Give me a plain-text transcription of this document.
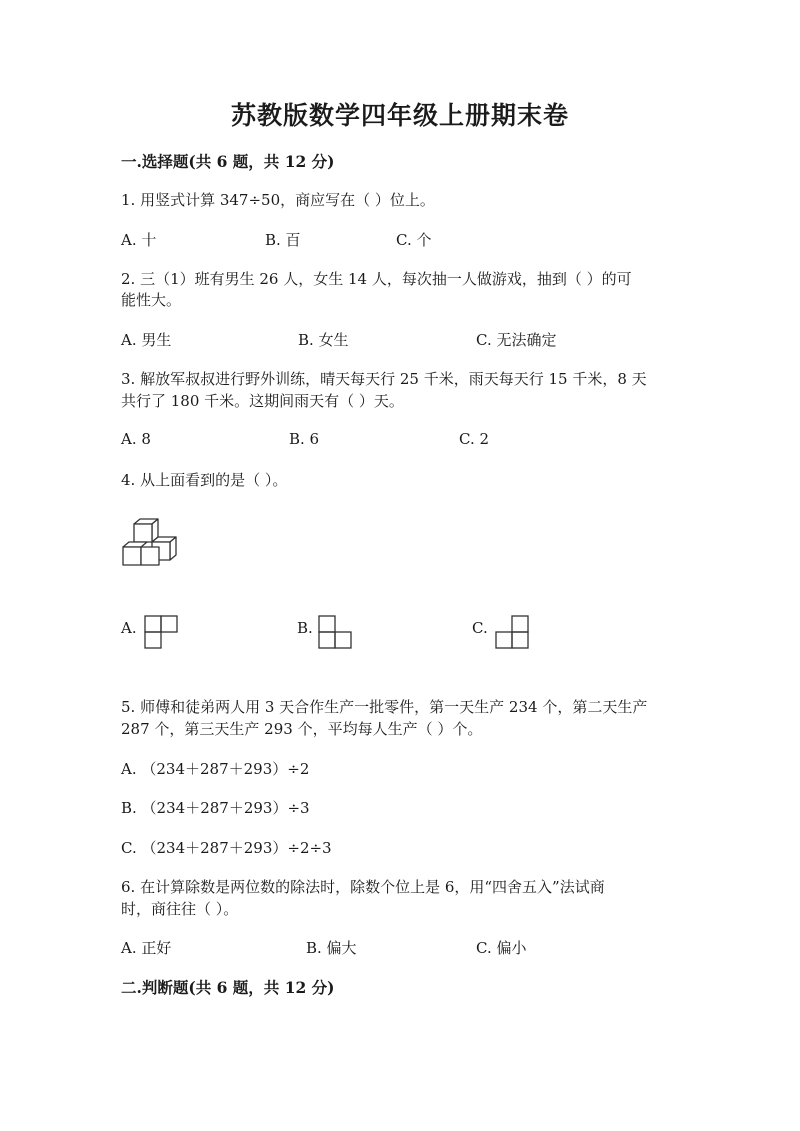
苏教版数学四年级上册期末卷
一.选择题(共 6 题，共 12 分)
1. 用竖式计算 347÷50，商应写在（ ）位上。
A. 十	B. 百	C. 个
2. 三（1）班有男生 26 人，女生 14 人，每次抽一人做游戏，抽到（ ）的可
能性大。
A. 男生	B. 女生	C. 无法确定
3. 解放军叔叔进行野外训练，晴天每天行 25 千米，雨天每天行 15 千米，8 天
共行了 180 千米。这期间雨天有（ ）天。
A. 8	B. 6	C. 2
4. 从上面看到的是（ ）。
A.	B.	C.
5. 师傅和徒弟两人用 3 天合作生产一批零件，第一天生产 234 个，第二天生产
287 个，第三天生产 293 个，平均每人生产（ ）个。
A. （234＋287＋293）÷2
B. （234＋287＋293）÷3
C. （234＋287＋293）÷2÷3
6. 在计算除数是两位数的除法时，除数个位上是 6，用“四舍五入”法试商
时，商往往（ ）。
A. 正好	B. 偏大	C. 偏小
二.判断题(共 6 题，共 12 分)
